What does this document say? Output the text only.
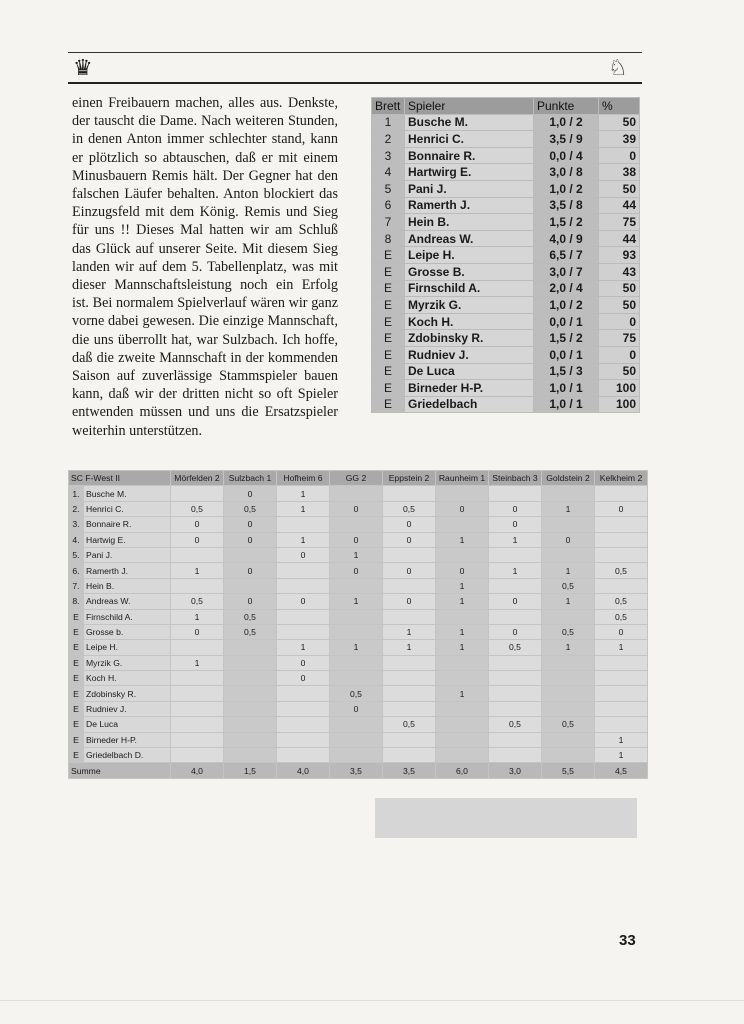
♛	♘

einen Freibauern machen, alles aus. Denkste, der tauscht die Dame. Nach weiteren Stunden, in denen Anton immer schlechter stand, kann er plötzlich so abtauschen, daß er mit einem Minusbauern Remis hält. Der Gegner hat den falschen Läufer behalten. Anton blockiert das Einzugsfeld mit dem König. Remis und Sieg für uns !! Dieses Mal hatten wir am Schluß das Glück auf unserer Seite. Mit diesem Sieg landen wir auf dem 5. Tabellenplatz, was mit dieser Mannschaftsleistung noch ein Erfolg ist. Bei normalem Spielverlauf wären wir ganz vorne dabei gewesen. Die einzige Mannschaft, die uns überrollt hat, war Sulzbach. Ich hoffe, daß die zweite Mannschaft in der kommenden Saison auf zuverlässige Stammspieler bauen kann, daß wir der dritten nicht so oft Spieler entwenden müssen und uns die Ersatzspieler weiterhin unterstützen.

Brett	Spieler	Punkte	%
1	Busche M.	1,0 / 2	50
2	Henrici C.	3,5 / 9	39
3	Bonnaire R.	0,0 / 4	0
4	Hartwirg E.	3,0 / 8	38
5	Pani J.	1,0 / 2	50
6	Ramerth J.	3,5 / 8	44
7	Hein B.	1,5 / 2	75
8	Andreas W.	4,0 / 9	44
E	Leipe H.	6,5 / 7	93
E	Grosse B.	3,0 / 7	43
E	Firnschild A.	2,0 / 4	50
E	Myrzik G.	1,0 / 2	50
E	Koch H.	0,0 / 1	0
E	Zdobinsky R.	1,5 / 2	75
E	Rudniev J.	0,0 / 1	0
E	De Luca	1,5 / 3	50
E	Birneder H-P.	1,0 / 1	100
E	Griedelbach	1,0 / 1	100
SC F-West II		Mörfelden 2	Sulzbach 1	Hofheim 6	GG 2	Eppstein 2	Raunheim 1	Steinbach 3	Goldstein 2	Kelkheim 2
1.	Busche M.		0	1						
2.	Henrici C.	0,5	0,5	1	0	0,5	0	0	1	0
3.	Bonnaire R.	0	0			0		0		
4.	Hartwig E.	0	0	1	0	0	1	1	0	
5.	Pani J.			0	1					
6.	Ramerth J.	1	0		0	0	0	1	1	0,5
7.	Hein B.						1		0,5	
8.	Andreas W.	0,5	0	0	1	0	1	0	1	0,5
E	Firnschild A.	1	0,5							0,5
E	Grosse b.	0	0,5			1	1	0	0,5	0
E	Leipe H.			1	1	1	1	0,5	1	1
E	Myrzik G.	1		0						
E	Koch H.			0						
E	Zdobinsky R.				0,5		1			
E	Rudniev J.				0					
E	De Luca					0,5		0,5	0,5	
E	Birneder H-P.									1
E	Griedelbach D.									1
Summe		4,0	1,5	4,0	3,5	3,5	6,0	3,0	5,5	4,5
33
